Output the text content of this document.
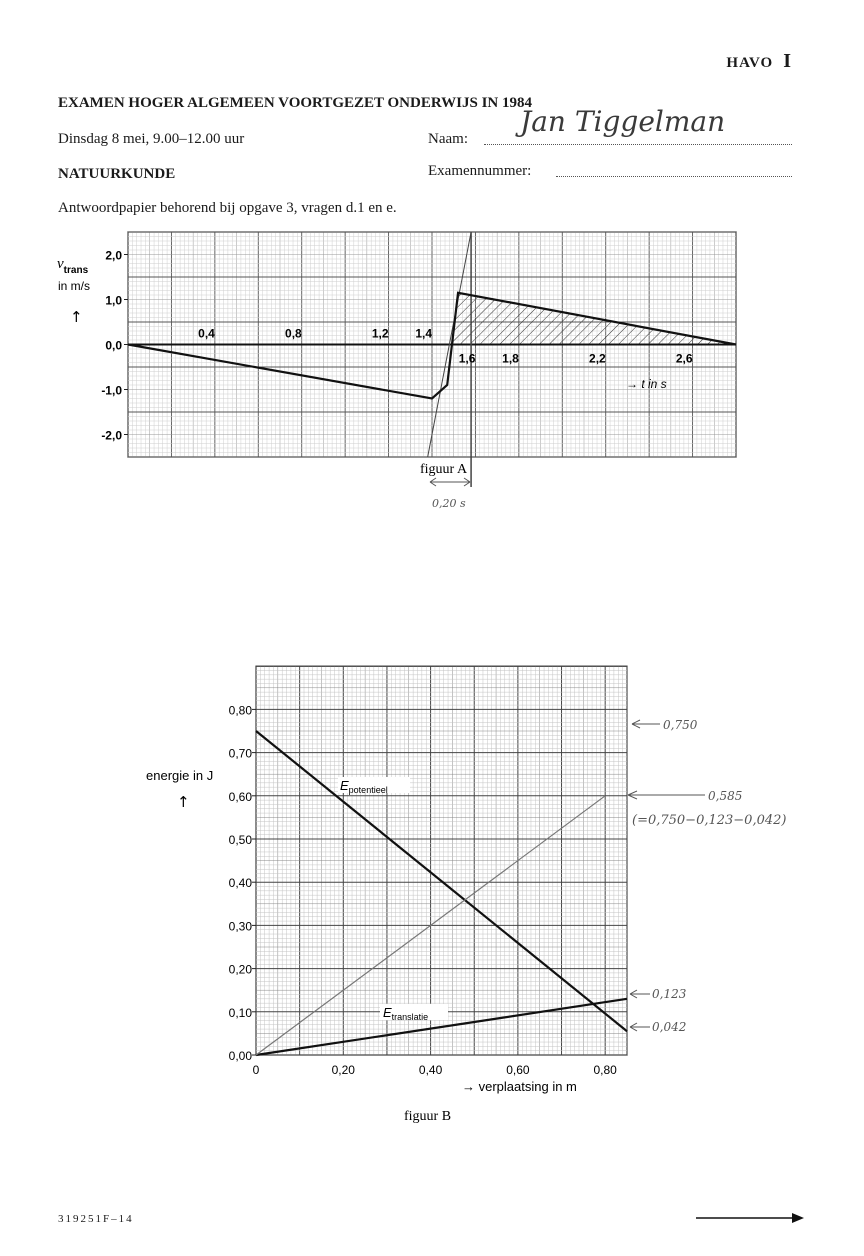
HAVO I
EXAMEN HOGER ALGEMEEN VOORTGEZET ONDERWIJS IN 1984
Dinsdag 8 mei, 9.00–12.00 uur	Naam:
Jan Tiggelman
NATUURKUNDE	Examennummer:
Antwoordpapier behorend bij opgave 3, vragen d.1 en e.
2,0
1,0
0,0
-1,0
-2,0
0,4	0,8	1,2 1,4
1,6 1,8	2,2	2,6
$v_{trans}$
in m/s
↑
→ t in s
figuur A
0,20 s
0,80
0,70
0,60
0,50
0,40
0,30
0,20
0,10
0,00
0	0,20	0,40	0,60	0,80
$E_{potentieel}$
$E_{translatie}$
energie in J
↑
→ verplaatsing in m
figuur B
0,750
0,585
(=0,750−0,123−0,042)
0,123
0,042
319251F–14
